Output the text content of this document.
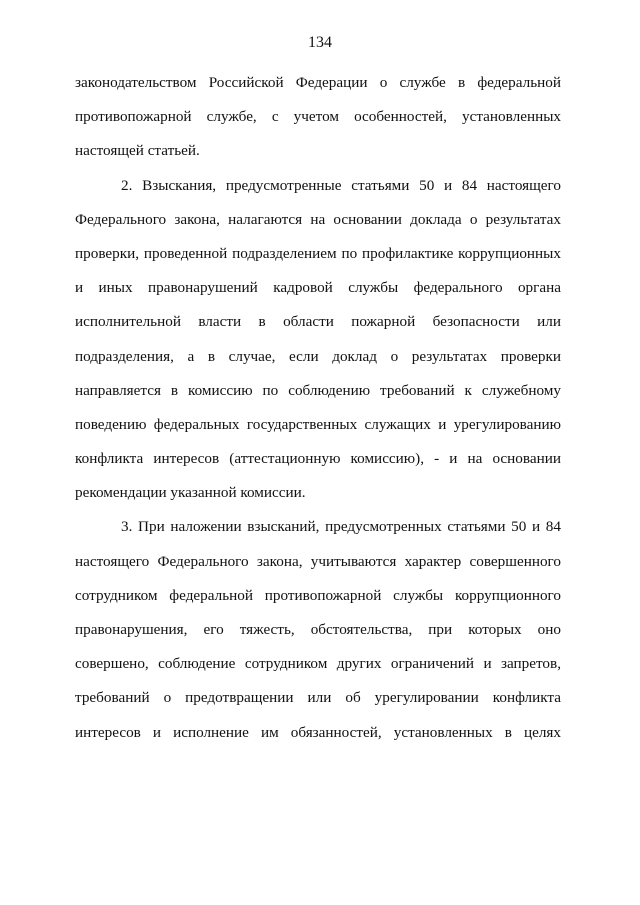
134
законодательством Российской Федерации о службе в федеральной
противопожарной службе, с учетом особенностей, установленных
настоящей статьей.
2. Взыскания, предусмотренные статьями 50 и 84 настоящего
Федерального закона, налагаются на основании доклада о результатах
проверки, проведенной подразделением по профилактике коррупционных
и иных правонарушений кадровой службы федерального органа
исполнительной власти в области пожарной безопасности или
подразделения, а в случае, если доклад о результатах проверки
направляется в комиссию по соблюдению требований к служебному
поведению федеральных государственных служащих и урегулированию
конфликта интересов (аттестационную комиссию), - и на основании
рекомендации указанной комиссии.
3. При наложении взысканий, предусмотренных статьями 50 и 84
настоящего Федерального закона, учитываются характер совершенного
сотрудником федеральной противопожарной службы коррупционного
правонарушения, его тяжесть, обстоятельства, при которых оно
совершено, соблюдение сотрудником других ограничений и запретов,
требований о предотвращении или об урегулировании конфликта
интересов и исполнение им обязанностей, установленных в целях
